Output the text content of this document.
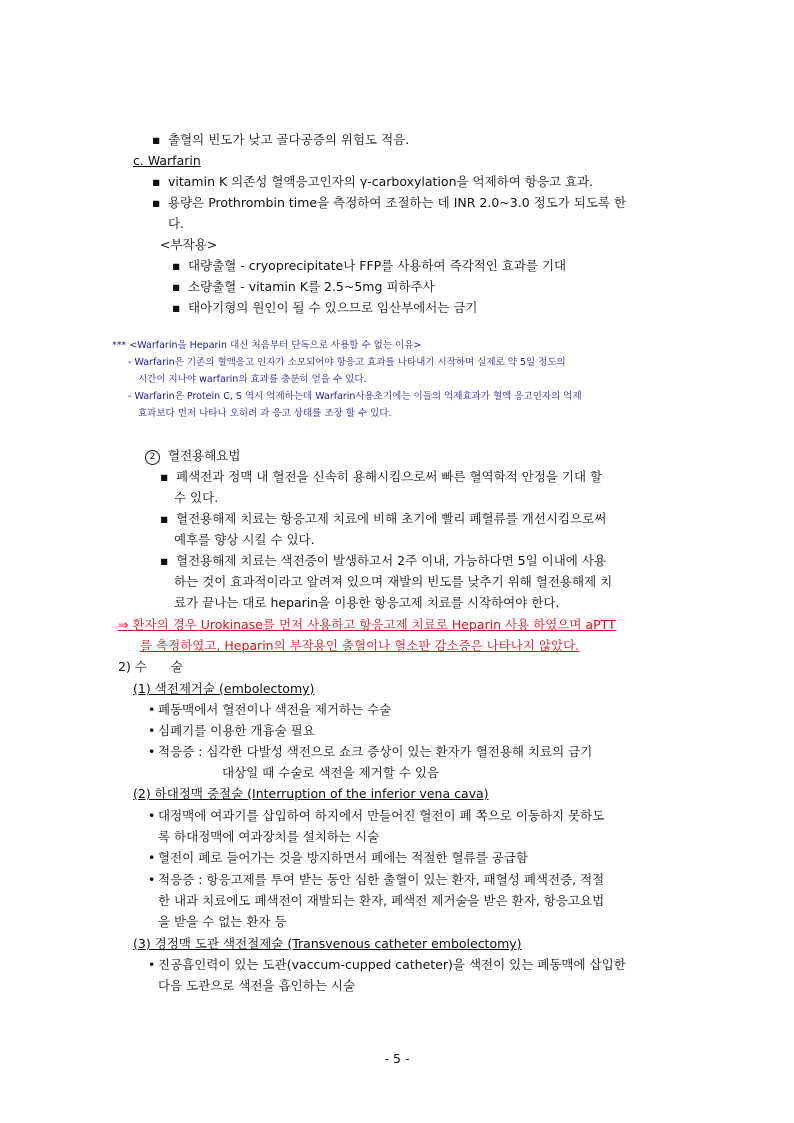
▪ 출혈의 빈도가 낮고 골다공증의 위험도 적음.
c. Warfarin
▪ vitamin K 의존성 혈액응고인자의 γ-carboxylation을 억제하여 항응고 효과.
▪ 용량은 Prothrombin time을 측정하여 조절하는 데 INR 2.0~3.0 정도가 되도록 한
다.
<부작용>
▪ 대량출혈 - cryoprecipitate나 FFP를 사용하여 즉각적인 효과를 기대
▪ 소량출혈 - vitamin K를 2.5~5mg 피하주사
▪ 태아기형의 원인이 될 수 있으므로 임산부에서는 금기
*** <Warfarin을 Heparin 대신 처음부터 단독으로 사용할 수 없는 이유>
- Warfarin은 기존의 혈액응고 인자가 소모되어야 항응고 효과를 나타내기 시작하며 실제로 약 5일 정도의
시간이 지나야 warfarin의 효과를 충분히 얻을 수 있다.
- Warfarin은 Protein C, S 역시 억제하는데 Warfarin사용초기에는 이들의 억제효과가 혈액 응고인자의 억제
효과보다 먼저 나타나 오히려 과 응고 상태를 조장 할 수 있다.
2 혈전용해요법
▪ 폐색전과 정맥 내 혈전을 신속히 용해시킴으로써 빠른 혈역학적 안정을 기대 할
수 있다.
▪ 혈전용해제 치료는 항응고제 치료에 비해 초기에 빨리 폐혈류를 개선시킴으로써
예후를 향상 시킬 수 있다.
▪ 혈전용해제 치료는 색전증이 발생하고서 2주 이내, 가능하다면 5일 이내에 사용
하는 것이 효과적이라고 알려져 있으며 재발의 빈도를 낮추기 위해 혈전용해제 치
료가 끝나는 대로 heparin을 이용한 항응고제 치료를 시작하여야 한다.
⇒ 환자의 경우 Urokinase를 먼저 사용하고 항응고제 치료로 Heparin 사용 하였으며 aPTT
를 측정하였고, Heparin의 부작용인 출혈이나 혈소판 감소증은 나타나지 않았다.
2) 수      술
(1) 색전제거술 (embolectomy)
• 폐동맥에서 혈전이나 색전을 제거하는 수술
• 심폐기를 이용한 개흉술 필요
• 적응증 : 심각한 다발성 색전으로 쇼크 증상이 있는 환자가 혈전용해 치료의 금기
대상일 때 수술로 색전을 제거할 수 있음
(2) 하대정맥 중절술 (Interruption of the inferior vena cava)
• 대정맥에 여과기를 삽입하여 하지에서 만들어진 혈전이 폐 쪽으로 이동하지 못하도
록 하대정맥에 여과장치를 설치하는 시술
• 혈전이 폐로 들어가는 것을 방지하면서 폐에는 적절한 혈류를 공급함
• 적응증 : 항응고제를 투여 받는 동안 심한 출혈이 있는 환자, 패혈성 폐색전증, 적절
한 내과 치료에도 폐색전이 재발되는 환자, 폐색전 제거술을 받은 환자, 항응고요법
을 받을 수 없는 환자 등
(3) 경정맥 도관 색전절제술 (Transvenous catheter embolectomy)
• 진공흡인력이 있는 도관(vaccum-cupped catheter)을 색전이 있는 폐동맥에 삽입한
다음 도관으로 색전을 흡인하는 시술
- 5 -
